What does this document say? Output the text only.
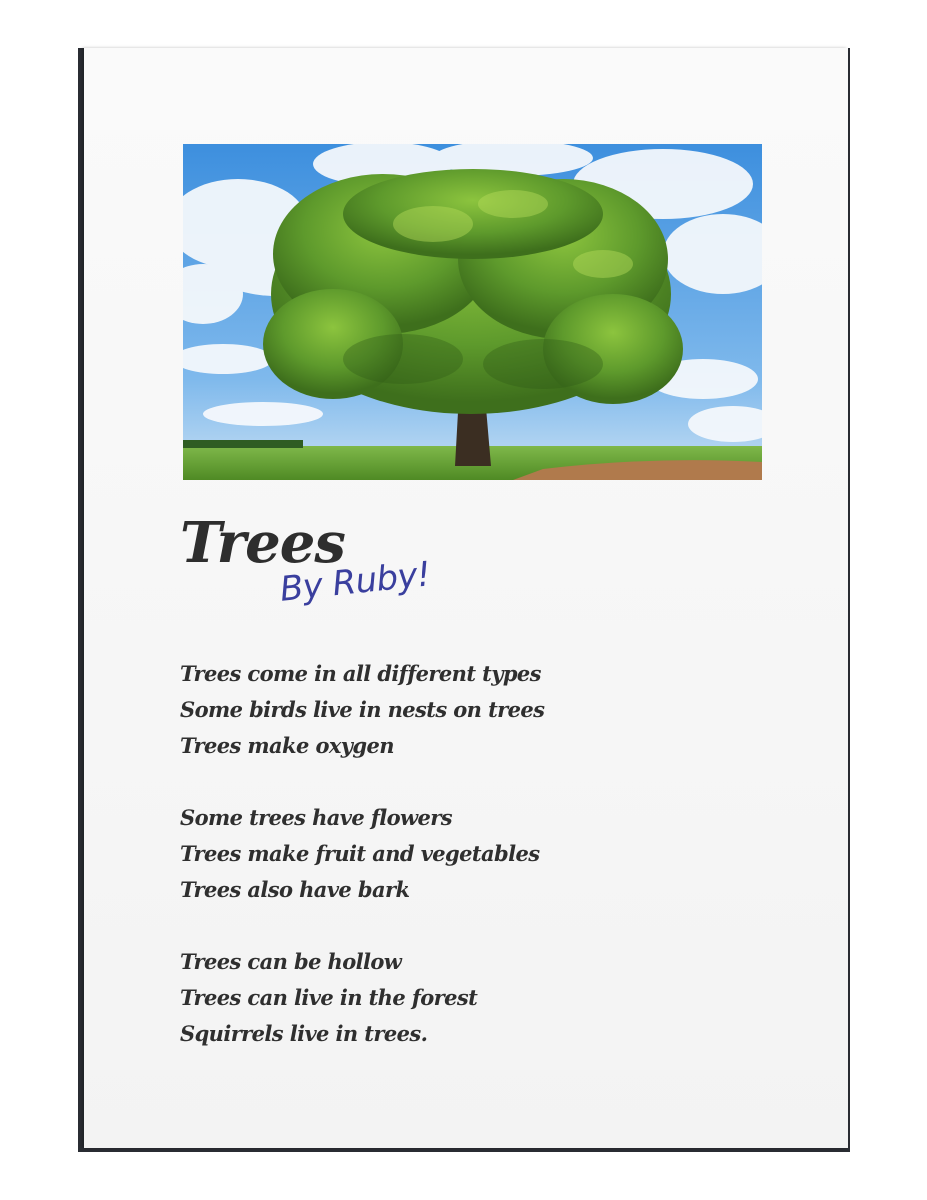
Trees
By Ruby!
Trees come in all different types
Some birds live in nests on trees
Trees make oxygen
Some trees have flowers
Trees make fruit and vegetables
Trees also have bark
Trees can be hollow
Trees can live in the forest
Squirrels live in trees.
